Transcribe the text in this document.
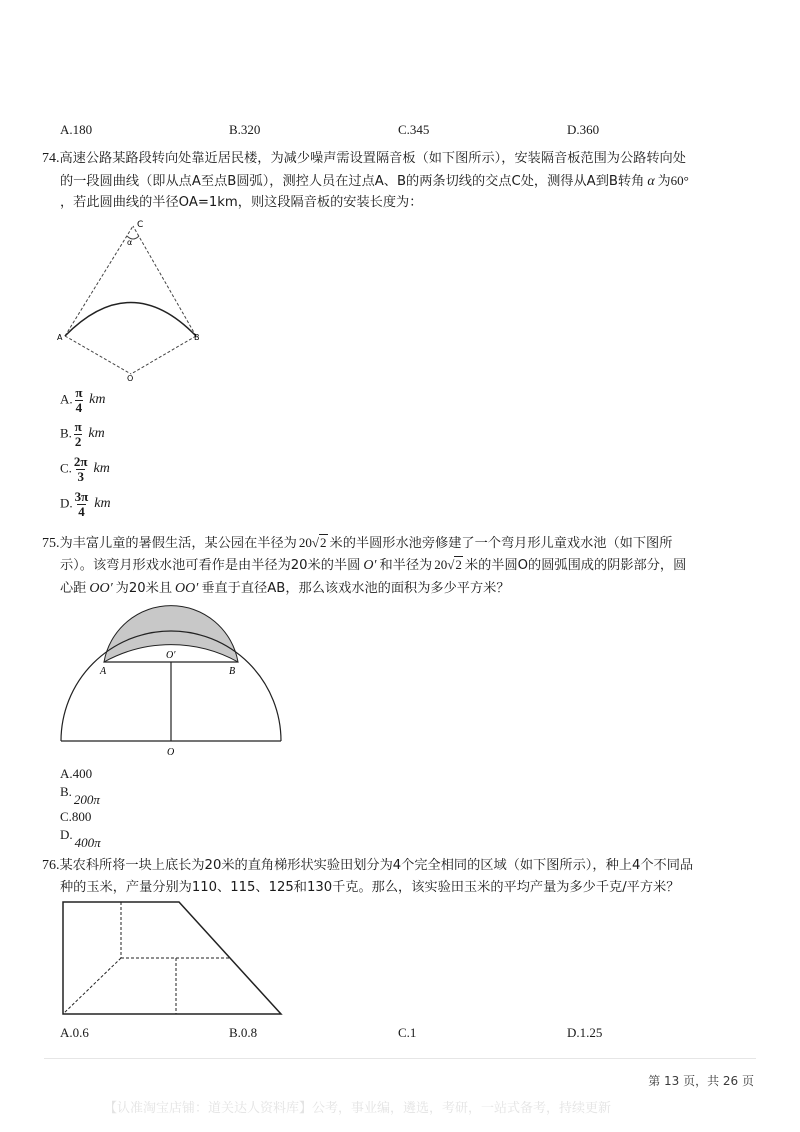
A.180	B.320	C.345	D.360
74.高速公路某路段转向处靠近居民楼，为减少噪声需设置隔音板（如下图所示），安装隔音板范围为公路转向处
的一段圆曲线（即从点A至点B圆弧），测控人员在过点A、B的两条切线的交点C处，测得从A到B转角 α 为60°
，若此圆曲线的半径OA=1km，则这段隔音板的安装长度为：
C
α
A	B
O
A. $\frac{\pi}{4}$ km
B. $\frac{\pi}{2}$ km
C. $\frac{2\pi}{3}$ km
D. $\frac{3\pi}{4}$ km
75.为丰富儿童的暑假生活，某公园在半径为 20√2 米的半圆形水池旁修建了一个弯月形儿童戏水池（如下图所
示）。该弯月形戏水池可看作是由半径为20米的半圆 O′ 和半径为 20√2 米的半圆O的圆弧围成的阴影部分，圆
心距 OO′ 为20米且 OO′ 垂直于直径AB，那么该戏水池的面积为多少平方米？
O′
A	B
O
A.400
B.200π
C.800
D.400π
76.某农科所将一块上底长为20米的直角梯形状实验田划分为4个完全相同的区域（如下图所示），种上4个不同品
种的玉米，产量分别为110、115、125和130千克。那么，该实验田玉米的平均产量为多少千克/平方米？
A.0.6	B.0.8	C.1	D.1.25
第 13 页，共 26 页
【认准淘宝店铺：道关达人资料库】公考，事业编，遴选，考研，一站式备考，持续更新
